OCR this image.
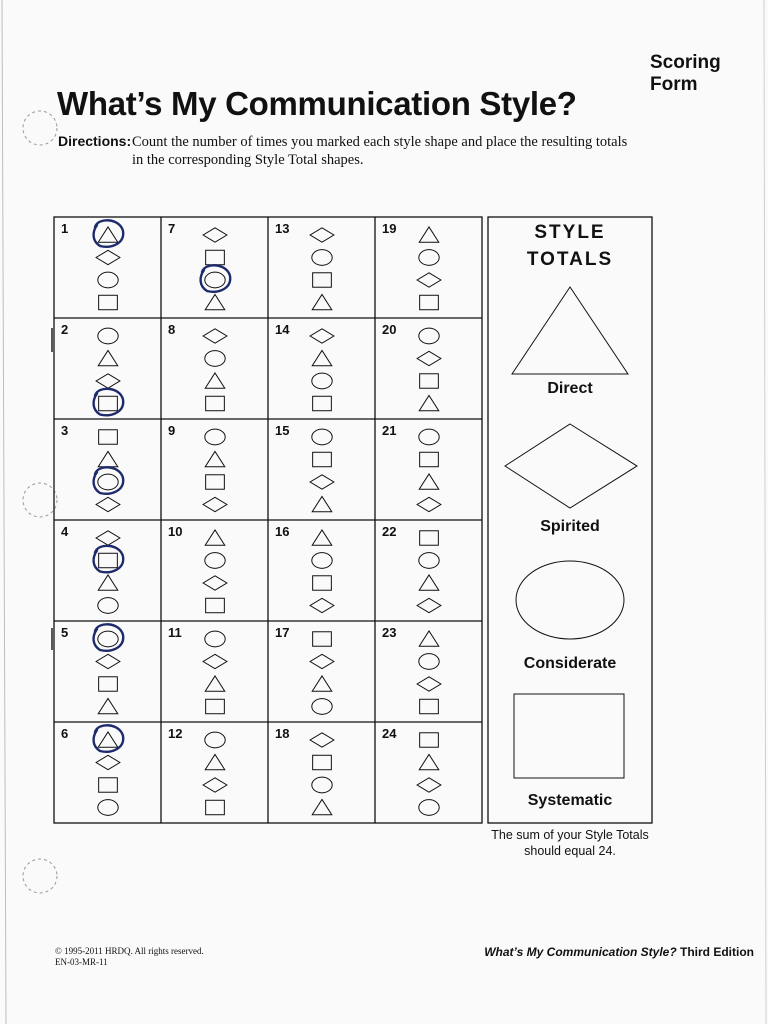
Scoring Form
What’s My Communication Style?
Directions: Count the number of times you marked each style shape and place the resulting totals in the corresponding Style Total shapes.
1
2
3
4
5
6
7
8
9
10
11
12
13
14
15
16
17
18
19
20
21
22
23
24
STYLE
TOTALS
Direct
Spirited
Considerate
Systematic
The sum of your Style Totals should equal 24.
© 1995-2011 HRDQ. All rights reserved.
EN-03-MR-11
What’s My Communication Style? Third Edition
